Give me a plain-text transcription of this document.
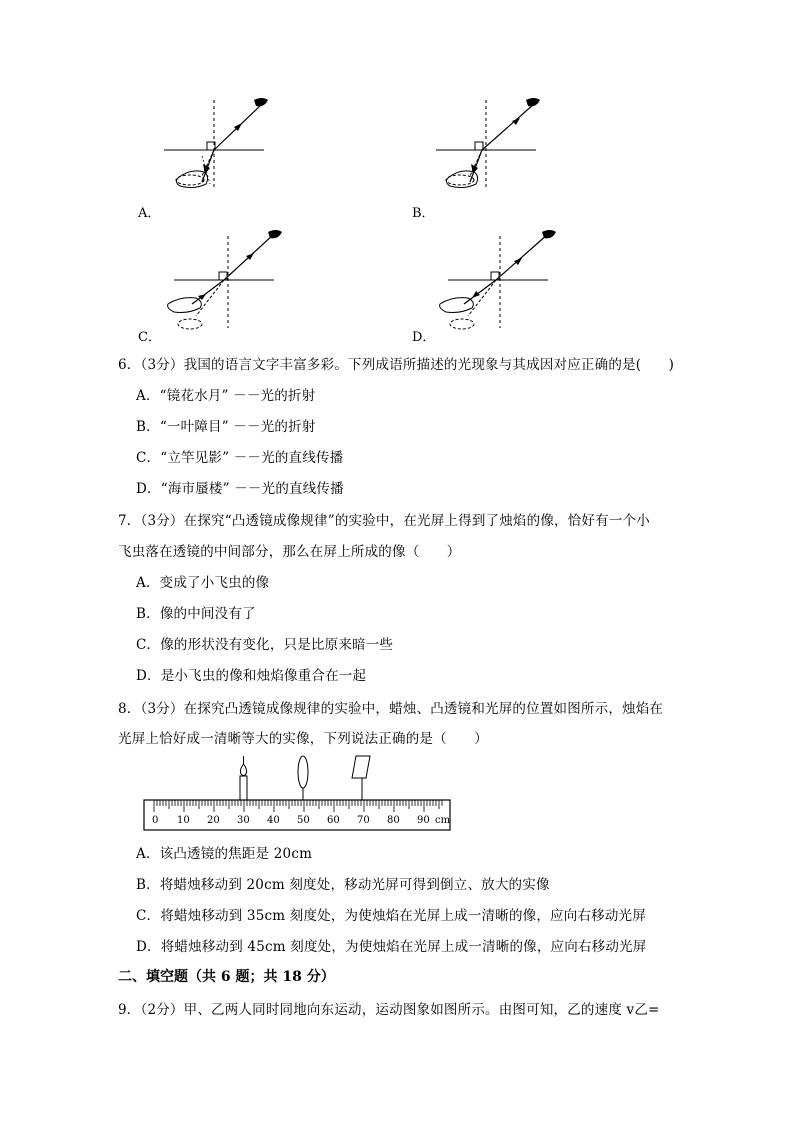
A．	B．
C．	D．
6．（3分）我国的语言文字丰富多彩。下列成语所描述的光现象与其成因对应正确的是(　　)
A．“镜花水月” －－光的折射
B．“一叶障目” －－光的折射
C．“立竿见影” －－光的直线传播
D．“海市蜃楼” －－光的直线传播
7．（3分）在探究“凸透镜成像规律”的实验中，在光屏上得到了烛焰的像，恰好有一个小
飞虫落在透镜的中间部分，那么在屏上所成的像（　　）
A．变成了小飞虫的像
B．像的中间没有了
C．像的形状没有变化，只是比原来暗一些
D．是小飞虫的像和烛焰像重合在一起
8．（3分）在探究凸透镜成像规律的实验中，蜡烛、凸透镜和光屏的位置如图所示，烛焰在
光屏上恰好成一清晰等大的实像，下列说法正确的是（　　）
0 10 20 30 40 50 60 70 80 90 cm
A．该凸透镜的焦距是 20cm
B．将蜡烛移动到 20cm 刻度处，移动光屏可得到倒立、放大的实像
C．将蜡烛移动到 35cm 刻度处，为使烛焰在光屏上成一清晰的像，应向右移动光屏
D．将蜡烛移动到 45cm 刻度处，为使烛焰在光屏上成一清晰的像，应向右移动光屏
二、填空题（共 6 题；共 18 分）
9．（2分）甲、乙两人同时同地向东运动，运动图象如图所示。由图可知，乙的速度 v乙=
